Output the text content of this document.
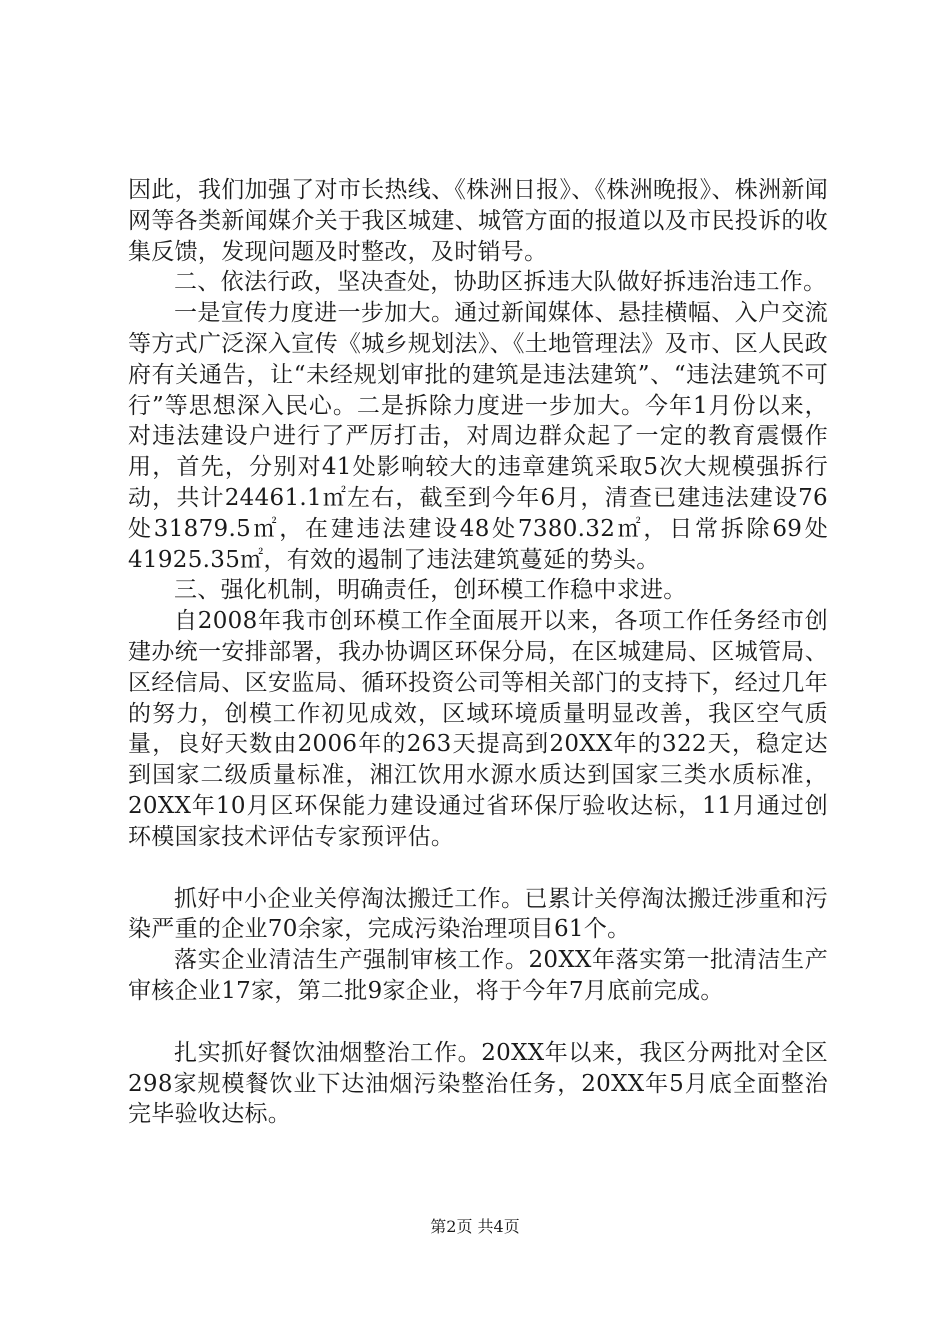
因此，我们加强了对市长热线、《株洲日报》、《株洲晚报》、株洲新闻网等各类新闻媒介关于我区城建、城管方面的报道以及市民投诉的收集反馈，发现问题及时整改，及时销号。

二、依法行政，坚决查处，协助区拆违大队做好拆违治违工作。

一是宣传力度进一步加大。通过新闻媒体、悬挂横幅、入户交流等方式广泛深入宣传《城乡规划法》、《土地管理法》及市、区人民政府有关通告，让“未经规划审批的建筑是违法建筑”、“违法建筑不可行”等思想深入民心。二是拆除力度进一步加大。今年1月份以来，对违法建设户进行了严厉打击，对周边群众起了一定的教育震慑作用，首先，分别对41处影响较大的违章建筑采取5次大规模强拆行动，共计24461.1㎡左右，截至到今年6月，清查已建违法建设76处31879.5㎡，在建违法建设48处7380.32㎡，日常拆除69处41925.35㎡，有效的遏制了违法建筑蔓延的势头。

三、强化机制，明确责任，创环模工作稳中求进。

自2008年我市创环模工作全面展开以来，各项工作任务经市创建办统一安排部署，我办协调区环保分局，在区城建局、区城管局、区经信局、区安监局、循环投资公司等相关部门的支持下，经过几年的努力，创模工作初见成效，区域环境质量明显改善，我区空气质量，良好天数由2006年的263天提高到20XX年的322天，稳定达到国家二级质量标准，湘江饮用水源水质达到国家三类水质标准，20XX年10月区环保能力建设通过省环保厅验收达标，11月通过创环模国家技术评估专家预评估。

抓好中小企业关停淘汰搬迁工作。已累计关停淘汰搬迁涉重和污染严重的企业70余家，完成污染治理项目61个。

落实企业清洁生产强制审核工作。20XX年落实第一批清洁生产审核企业17家，第二批9家企业，将于今年7月底前完成。

扎实抓好餐饮油烟整治工作。20XX年以来，我区分两批对全区298家规模餐饮业下达油烟污染整治任务，20XX年5月底全面整治完毕验收达标。

第2页 共4页
